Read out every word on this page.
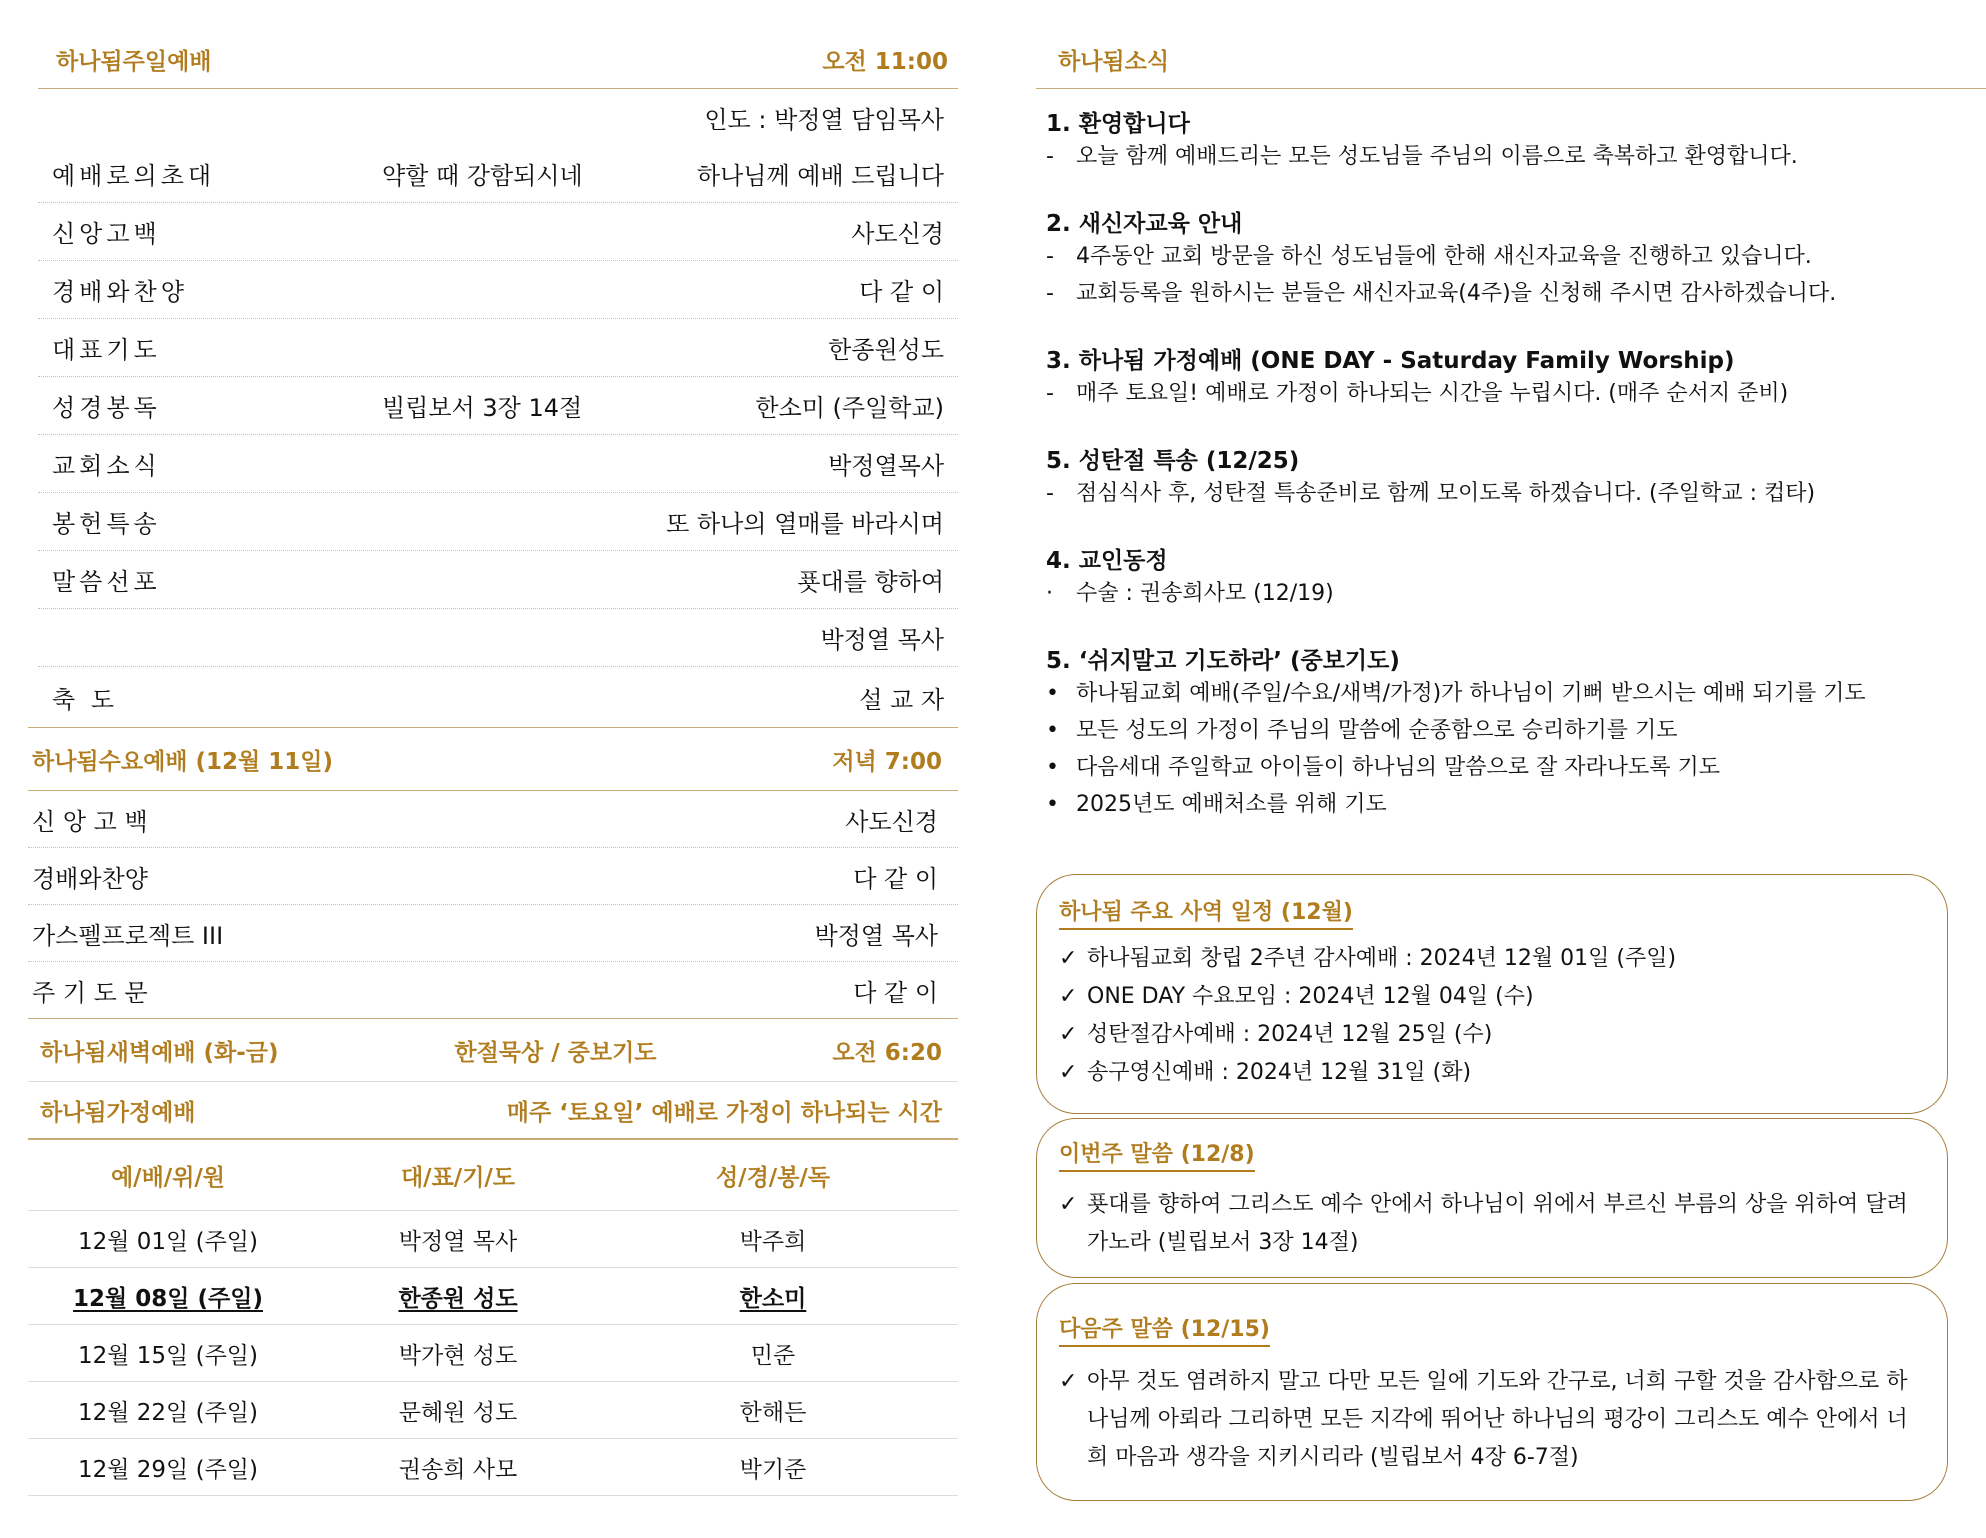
하나됨주일예배	오전 11:00
인도 : 박정열 담임목사
예배로의초대	약할 때 강함되시네	하나님께 예배 드립니다
신앙고백	사도신경
경배와찬양	다 같 이
대표기도	한종원성도
성경봉독	빌립보서 3장 14절	한소미 (주일학교)
교회소식	박정열목사
봉헌특송	또 하나의 열매를 바라시며
말씀선포	푯대를 향하여
박정열 목사
축 도	설 교 자
하나됨수요예배 (12월 11일)	저녁 7:00
신 앙 고 백	사도신경
경배와찬양	다 같 이
가스펠프로젝트 III	박정열 목사
주 기 도 문	다 같 이
하나됨새벽예배 (화-금)	한절묵상 / 중보기도	오전 6:20
하나됨가정예배	매주 ‘토요일’ 예배로 가정이 하나되는 시간
예/배/위/원	대/표/기/도	성/경/봉/독
12월 01일 (주일)	박정열 목사	박주희
12월 08일 (주일)	한종원 성도	한소미
12월 15일 (주일)	박가현 성도	민준
12월 22일 (주일)	문혜원 성도	한해든
12월 29일 (주일)	권송희 사모	박기준
하나됨소식
1. 환영합니다
-	오늘 함께 예배드리는 모든 성도님들 주님의 이름으로 축복하고 환영합니다.
2. 새신자교육 안내
-	4주동안 교회 방문을 하신 성도님들에 한해 새신자교육을 진행하고 있습니다.
-	교회등록을 원하시는 분들은 새신자교육(4주)을 신청해 주시면 감사하겠습니다.
3. 하나됨 가정예배 (ONE DAY - Saturday Family Worship)
-	매주 토요일! 예배로 가정이 하나되는 시간을 누립시다. (매주 순서지 준비)
5. 성탄절 특송 (12/25)
-	점심식사 후, 성탄절 특송준비로 함께 모이도록 하겠습니다. (주일학교 : 컵타)
4. 교인동정
·	수술 : 권송희사모 (12/19)
5. ‘쉬지말고 기도하라’ (중보기도)
• 하나됨교회 예배(주일/수요/새벽/가정)가 하나님이 기뻐 받으시는 예배 되기를 기도
• 모든 성도의 가정이 주님의 말씀에 순종함으로 승리하기를 기도
• 다음세대 주일학교 아이들이 하나님의 말씀으로 잘 자라나도록 기도
• 2025년도 예배처소를 위해 기도
하나됨 주요 사역 일정 (12월)
✓ 하나됨교회 창립 2주년 감사예배 : 2024년 12월 01일 (주일)
✓ ONE DAY 수요모임 : 2024년 12월 04일 (수)
✓ 성탄절감사예배 : 2024년 12월 25일 (수)
✓ 송구영신예배 : 2024년 12월 31일 (화)
이번주 말씀 (12/8)
✓ 푯대를 향하여 그리스도 예수 안에서 하나님이 위에서 부르신 부름의 상을 위하여 달려가노라 (빌립보서 3장 14절)
다음주 말씀 (12/15)
✓ 아무 것도 염려하지 말고 다만 모든 일에 기도와 간구로, 너희 구할 것을 감사함으로 하나님께 아뢰라 그리하면 모든 지각에 뛰어난 하나님의 평강이 그리스도 예수 안에서 너희 마음과 생각을 지키시리라 (빌립보서 4장 6-7절)
